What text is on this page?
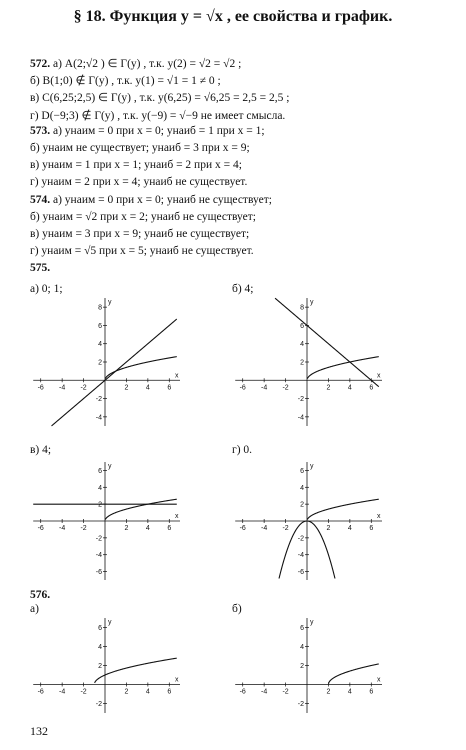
§ 18. Функция y = √x , ее свойства и график.
572. а) A(2;√2 ) ∈ Г(у) , т.к. y(2) = √2 = √2 ;
б) B(1;0) ∉ Г(у) , т.к. y(1) = √1 = 1 ≠ 0 ;
в) C(6,25;2,5) ∈ Г(у) , т.к. y(6,25) = √6,25 = 2,5 = 2,5 ;
г) D(−9;3) ∉ Г(у) , т.к. y(−9) = √−9 не имеет смысла.
573. а) yнаим = 0 при x = 0; yнаиб = 1 при x = 1;
б) yнаим не существует; yнаиб = 3 при x = 9;
в) yнаим = 1 при x = 1; yнаиб = 2 при x = 4;
г) yнаим = 2 при x = 4; yнаиб не существует.
574. а) yнаим = 0 при x = 0; yнаиб не существует;
б) yнаим = √2 при x = 2; yнаиб не существует;
в) yнаим = 3 при x = 9; yнаиб не существует;
г) yнаим = √5 при x = 5; yнаиб не существует.
575.
а) 0; 1;	б) 4;
в) 4;	г) 0.
576.
а)	б)
x
y
-6 -4 -2	2	4	6
-4
-2
2
4
6
8
x
y
-6 -4 -2	2	4	6
-4
-2
2
4
6
8
x
y
-6 -4 -2	2	4	6
-6
-4
-2
2
4
6
x
y
-6 -4 -2	2	4	6
-6
-4
-2
2
4
6
x
y
-6 -4 -2	2	4	6
-2
2
4
6
x
y
-6 -4 -2	2	4	6
-2
2
4
6
132
